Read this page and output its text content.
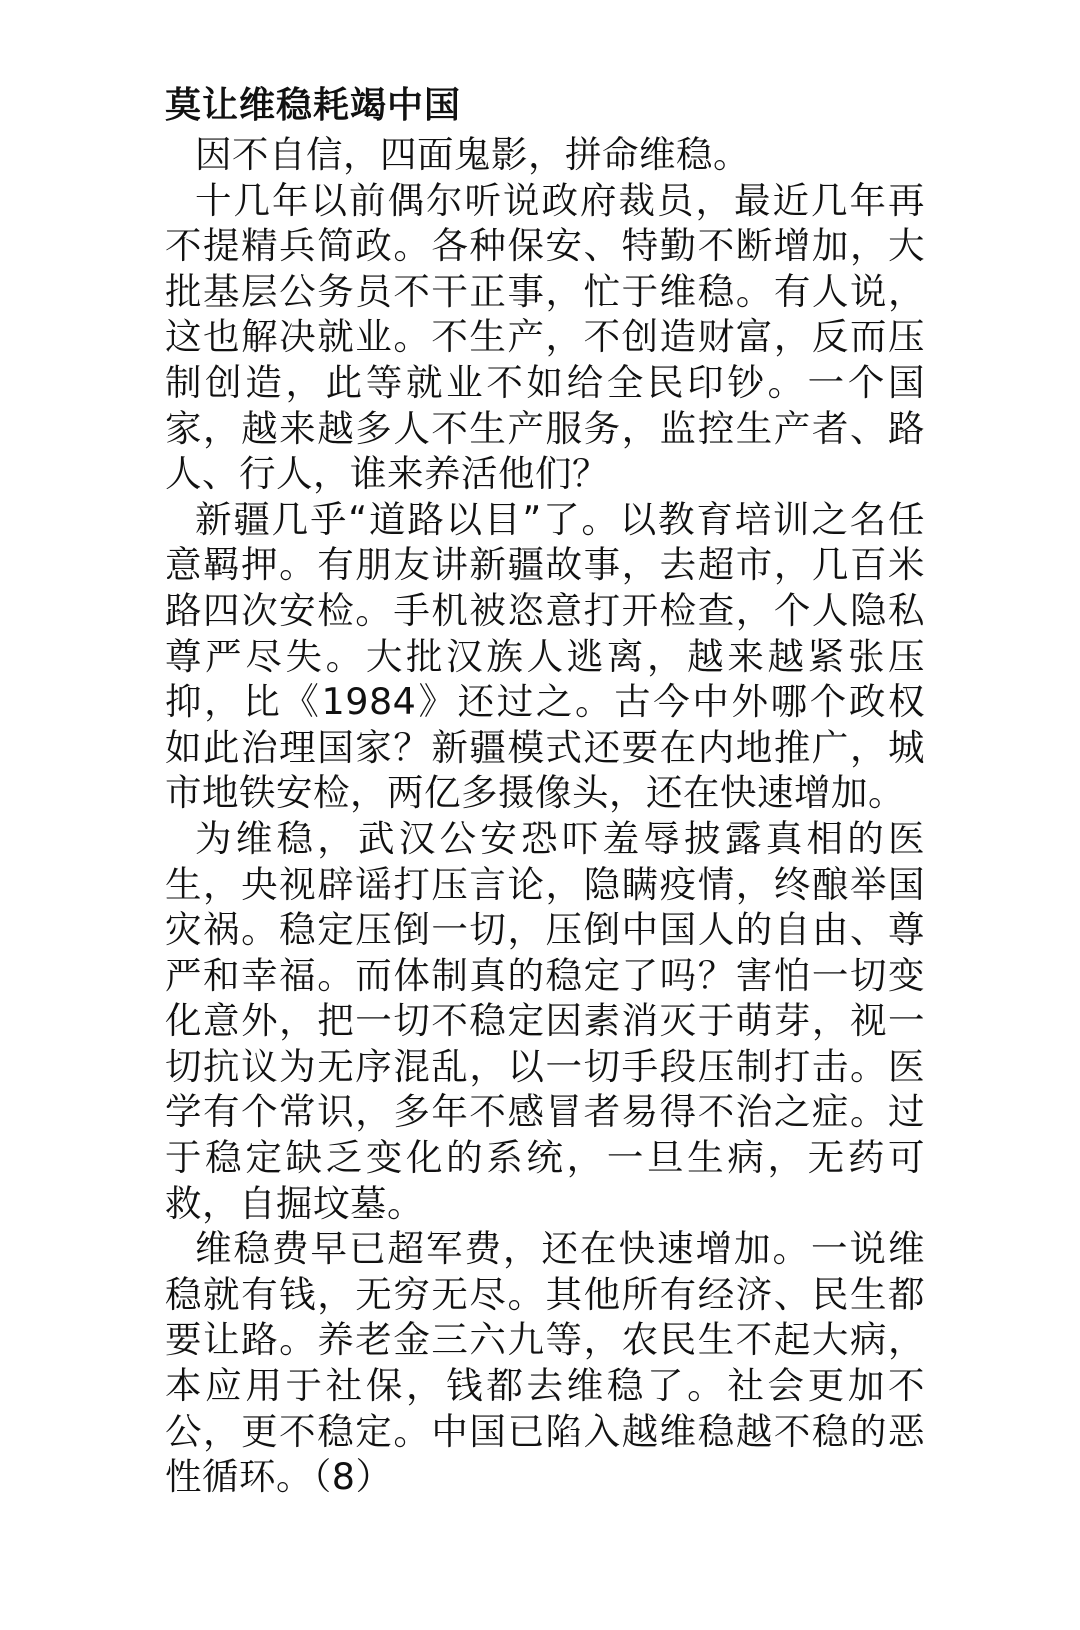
莫让维稳耗竭中国

因不自信，四面鬼影，拼命维稳。

十几年以前偶尔听说政府裁员，最近几年再不提精兵简政。各种保安、特勤不断增加，大批基层公务员不干正事，忙于维稳。有人说，这也解决就业。不生产，不创造财富，反而压制创造，此等就业不如给全民印钞。一个国家，越来越多人不生产服务，监控生产者、路人、行人，谁来养活他们？

新疆几乎“道路以目”了。以教育培训之名任意羁押。有朋友讲新疆故事，去超市，几百米路四次安检。手机被恣意打开检查，个人隐私尊严尽失。大批汉族人逃离，越来越紧张压抑，比《1984》还过之。古今中外哪个政权如此治理国家？新疆模式还要在内地推广，城市地铁安检，两亿多摄像头，还在快速增加。

为维稳，武汉公安恐吓羞辱披露真相的医生，央视辟谣打压言论，隐瞒疫情，终酿举国灾祸。稳定压倒一切，压倒中国人的自由、尊严和幸福。而体制真的稳定了吗？害怕一切变化意外，把一切不稳定因素消灭于萌芽，视一切抗议为无序混乱，以一切手段压制打击。医学有个常识，多年不感冒者易得不治之症。过于稳定缺乏变化的系统，一旦生病，无药可救，自掘坟墓。

维稳费早已超军费，还在快速增加。一说维稳就有钱，无穷无尽。其他所有经济、民生都要让路。养老金三六九等，农民生不起大病，本应用于社保，钱都去维稳了。社会更加不公，更不稳定。中国已陷入越维稳越不稳的恶性循环。（8）
